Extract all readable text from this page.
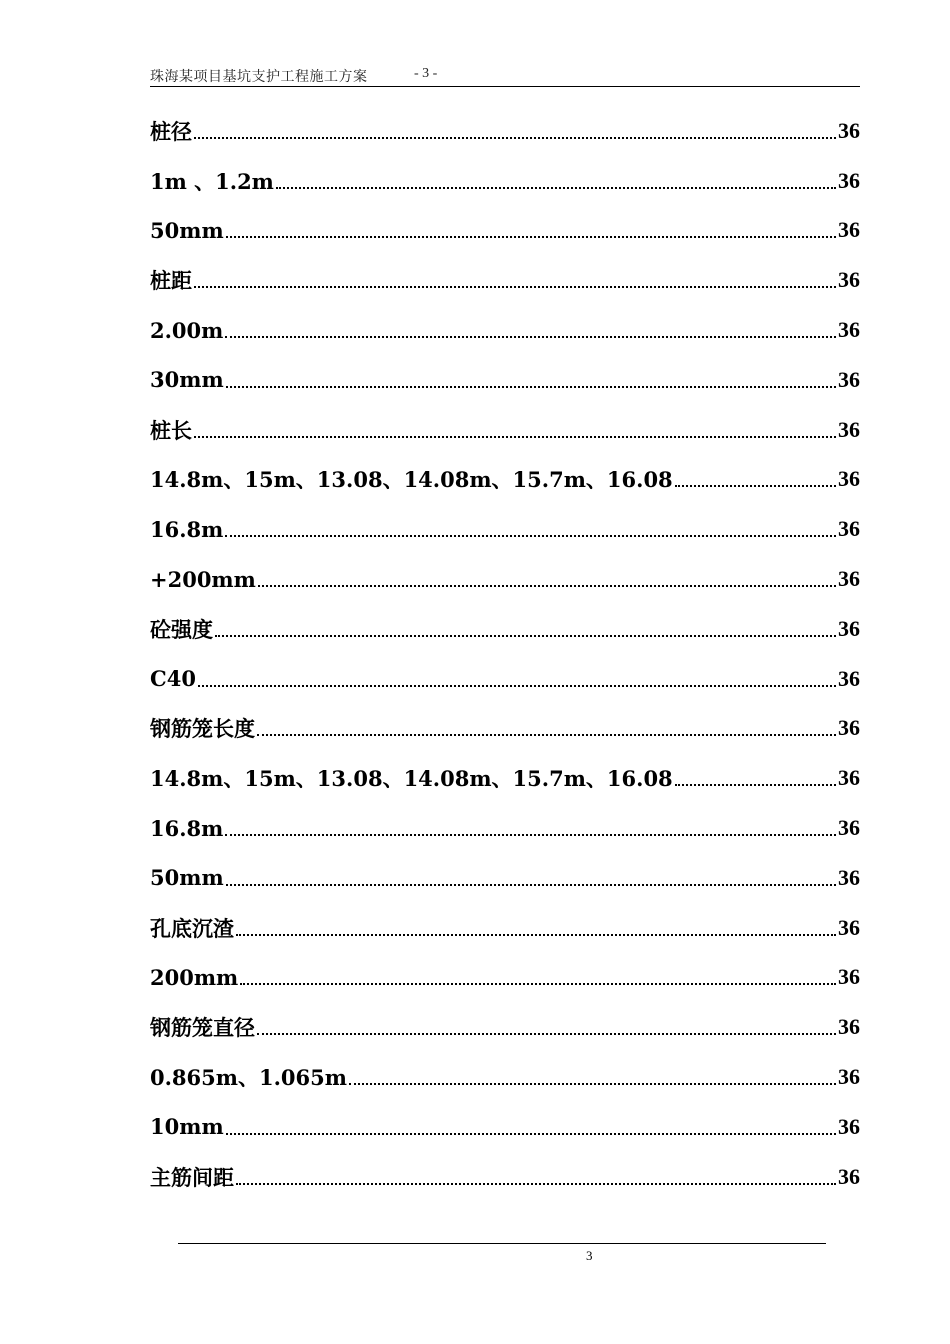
珠海某项目基坑支护工程施工方案	- 3 -
桩径	36
1m 、1.2m	36
50mm	36
桩距	36
2.00m	36
30mm	36
桩长	36
14.8m、15m、13.08、14.08m、15.7m、16.08	36
16.8m	36
+200mm	36
砼强度	36
C40	36
钢筋笼长度	36
14.8m、15m、13.08、14.08m、15.7m、16.08	36
16.8m	36
50mm	36
孔底沉渣	36
200mm	36
钢筋笼直径	36
0.865m、1.065m	36
10mm	36
主筋间距	36
3
